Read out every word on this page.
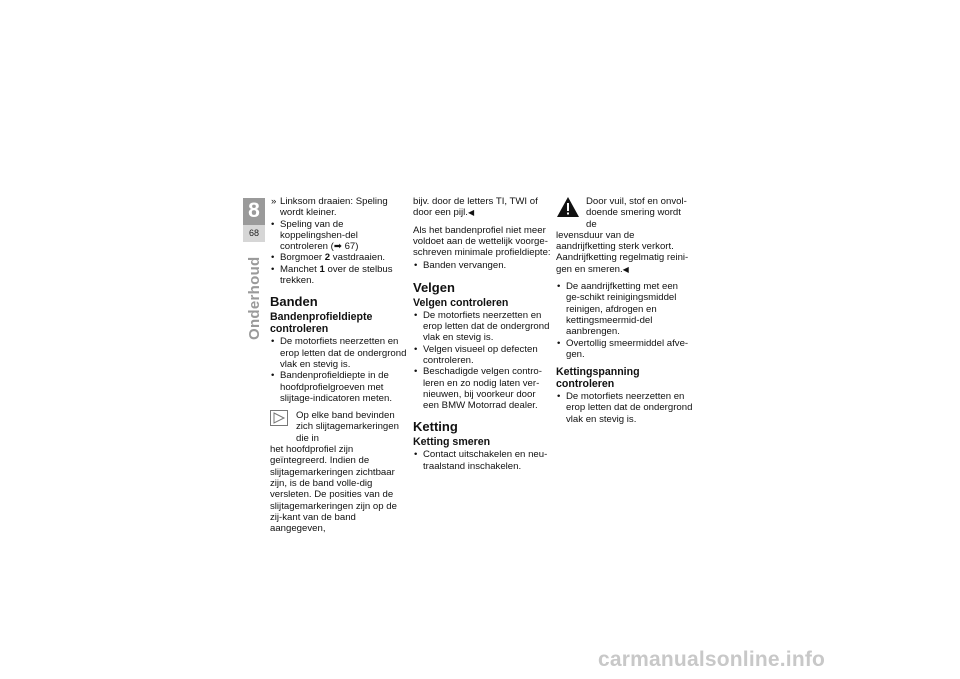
8
68
Onderhoud
» Linksom draaien: Speling wordt kleiner.
• Speling van de koppelingshen-del controleren (➡ 67)
• Borgmoer 2 vastdraaien.
• Manchet 1 over de stelbus trekken.
Banden
Bandenprofieldiepte controleren
• De motorfiets neerzetten en erop letten dat de ondergrond vlak en stevig is.
• Bandenprofieldiepte in de hoofdprofielgroeven met slijtage-indicatoren meten.

Op elke band bevinden zich slijtagemarkeringen die in
het hoofdprofiel zijn geïntegreerd. Indien de slijtagemarkeringen zichtbaar zijn, is de band volle-dig versleten. De posities van de slijtagemarkeringen zijn op de zij-kant van de band aangegeven,

bijv. door de letters TI, TWI of door een pijl.◀

Als het bandenprofiel niet meer voldoet aan de wettelijk voorge-schreven minimale profieldiepte:

• Banden vervangen.
Velgen
Velgen controleren
• De motorfiets neerzetten en erop letten dat de ondergrond vlak en stevig is.
• Velgen visueel op defecten controleren.
• Beschadigde velgen contro-leren en zo nodig laten ver-nieuwen, bij voorkeur door een BMW Motorrad dealer.
Ketting
Ketting smeren
• Contact uitschakelen en neu-traalstand inschakelen.

Door vuil, stof en onvol-doende smering wordt de
levensduur van de aandrijfketting sterk verkort.
Aandrijfketting regelmatig reini-gen en smeren.◀

• De aandrijfketting met een ge-schikt reinigingsmiddel reinigen, afdrogen en kettingsmeermid-del aanbrengen.
• Overtollig smeermiddel afve-gen.
Kettingspanning controleren
• De motorfiets neerzetten en erop letten dat de ondergrond vlak en stevig is.
carmanualsonline.info
